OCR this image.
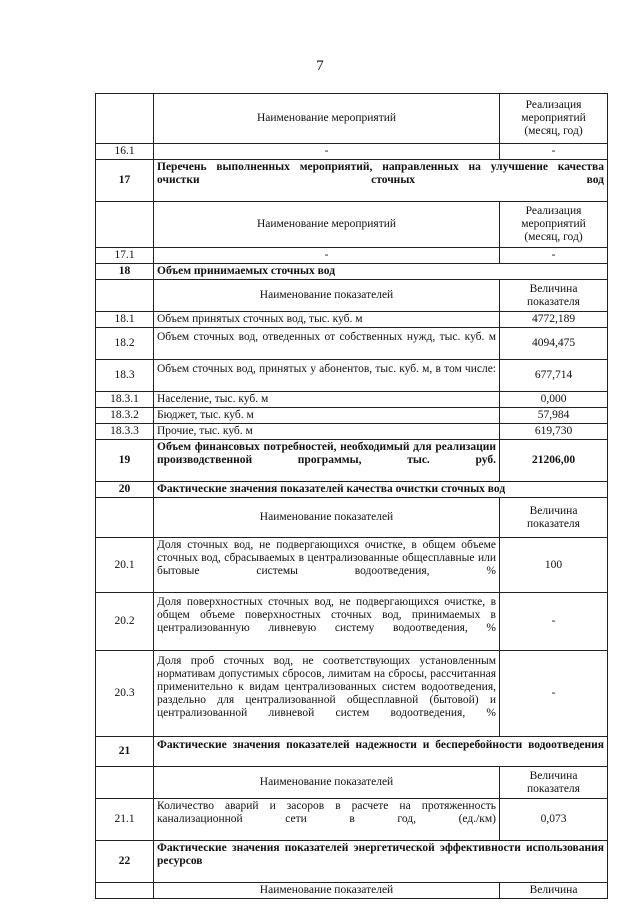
7
	Наименование мероприятий	Реализация мероприятий (месяц, год)
16.1	-	-
17	Перечень выполненных мероприятий, направленных на улучшение качества очистки сточных вод	
	Наименование мероприятий	Реализация мероприятий (месяц, год)
17.1	-	-
18	Объем принимаемых сточных вод	
	Наименование показателей	Величина показателя
18.1	Объем принятых сточных вод, тыс. куб. м	4772,189
18.2	Объем сточных вод, отведенных от собственных нужд, тыс. куб. м	4094,475
18.3	Объем сточных вод, принятых у абонентов, тыс. куб. м, в том числе:	677,714
18.3.1	Население, тыс. куб. м	0,000
18.3.2	Бюджет, тыс. куб. м	57,984
18.3.3	Прочие, тыс. куб. м	619,730
19	Объем финансовых потребностей, необходимый для реализации производственной программы, тыс. руб.	21206,00
20	Фактические значения показателей качества очистки сточных вод	
	Наименование показателей	Величина показателя
20.1	Доля сточных вод, не подвергающихся очистке, в общем объеме сточных вод, сбрасываемых в централизованные общесплавные или бытовые системы водоотведения, %	100
20.2	Доля поверхностных сточных вод, не подвергающихся очистке, в общем объеме поверхностных сточных вод, принимаемых в централизованную ливневую систему водоотведения, %	-
20.3	Доля проб сточных вод, не соответствующих установленным нормативам допустимых сбросов, лимитам на сбросы, рассчитанная применительно к видам централизованных систем водоотведения, раздельно для централизованной общесплавной (бытовой) и централизованной ливневой систем водоотведения, %	-
21	Фактические значения показателей надежности и бесперебойности водоотведения	
	Наименование показателей	Величина показателя
21.1	Количество аварий и засоров в расчете на протяженность канализационной сети в год, (ед./км)	0,073
22	Фактические значения показателей энергетической эффективности использования ресурсов	
	Наименование показателей	Величина
